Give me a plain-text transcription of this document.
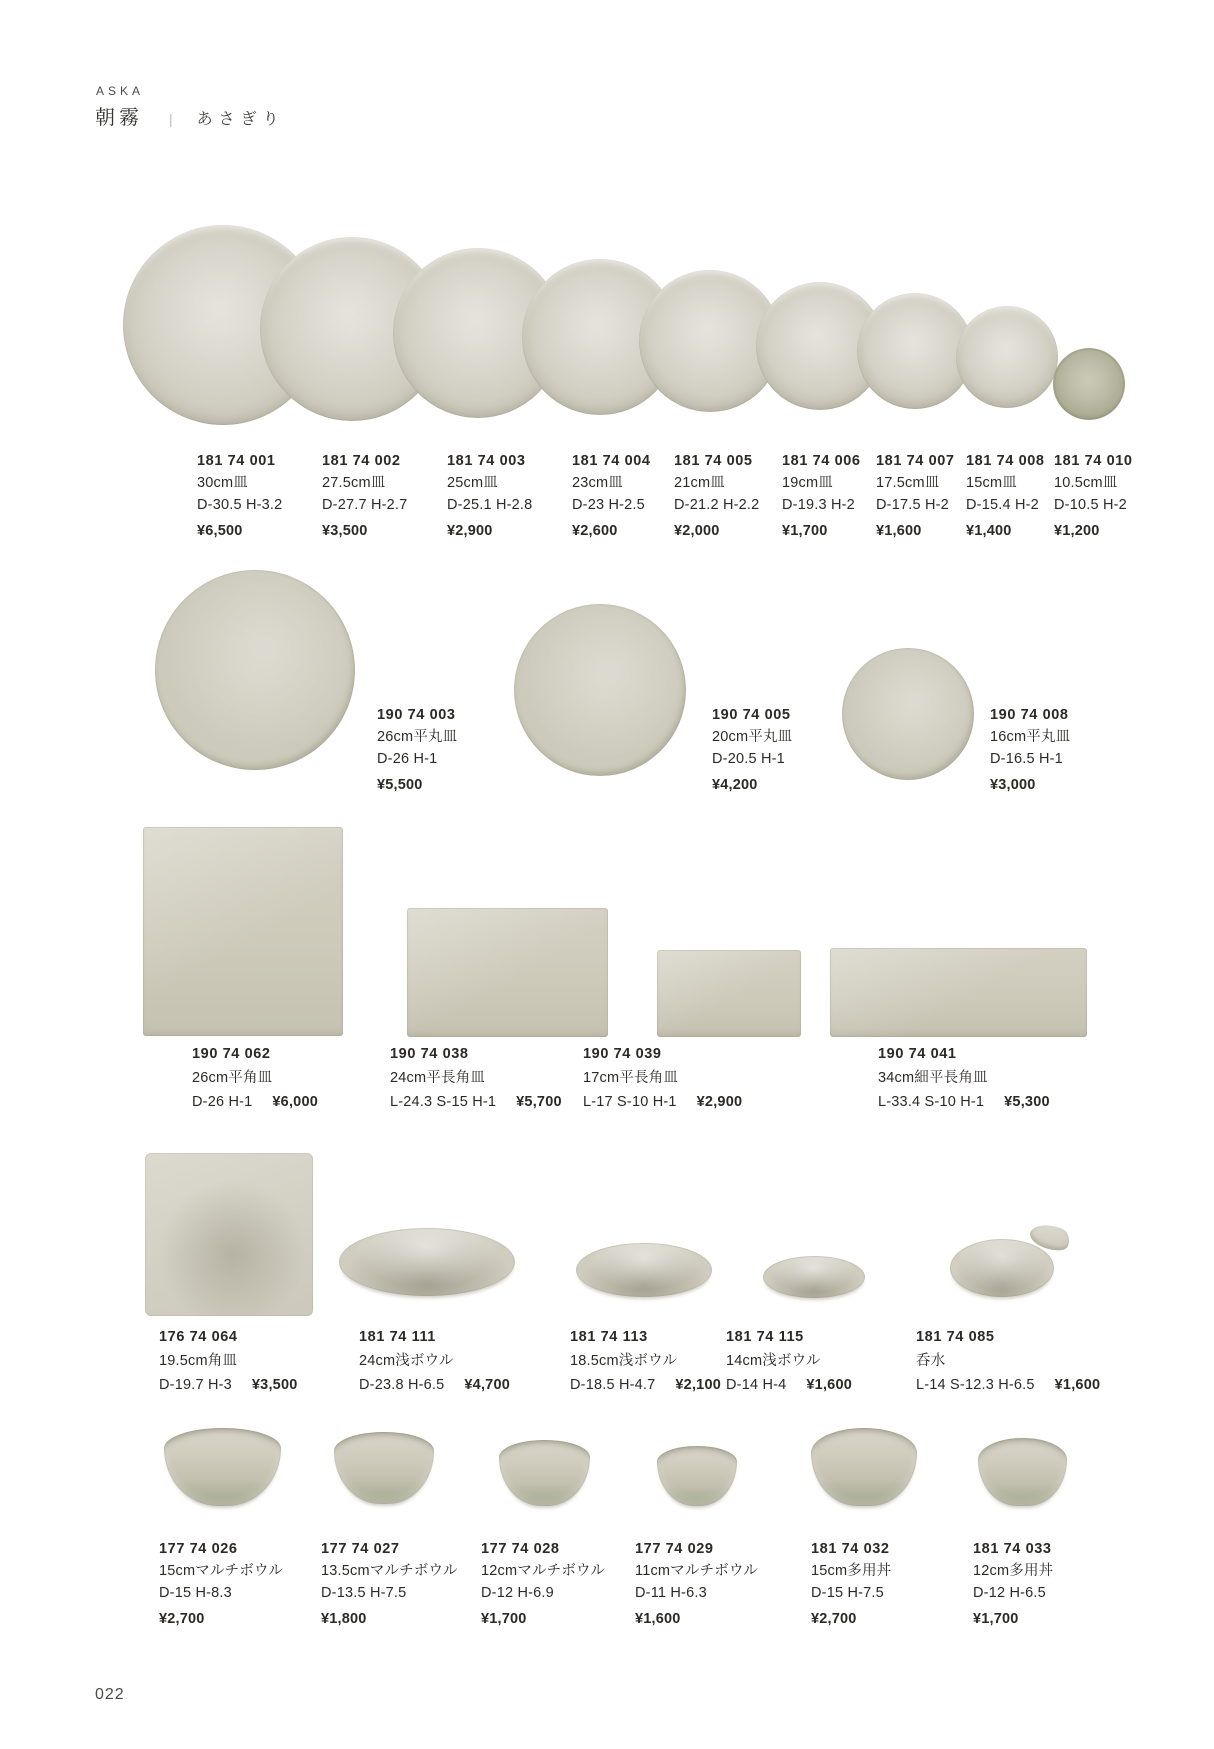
ASKA
朝霧 | あさぎり
181 74 001
30cm皿
D-30.5 H-3.2
¥6,500
181 74 002
27.5cm皿
D-27.7 H-2.7
¥3,500
181 74 003
25cm皿
D-25.1 H-2.8
¥2,900
181 74 004
23cm皿
D-23 H-2.5
¥2,600
181 74 005
21cm皿
D-21.2 H-2.2
¥2,000
181 74 006
19cm皿
D-19.3 H-2
¥1,700
181 74 007
17.5cm皿
D-17.5 H-2
¥1,600
181 74 008
15cm皿
D-15.4 H-2
¥1,400
181 74 010
10.5cm皿
D-10.5 H-2
¥1,200
190 74 003
26cm平丸皿
D-26 H-1
¥5,500
190 74 005
20cm平丸皿
D-20.5 H-1
¥4,200
190 74 008
16cm平丸皿
D-16.5 H-1
¥3,000
190 74 062
26cm平角皿
D-26 H-1 ¥6,000
190 74 038
24cm平長角皿
L-24.3 S-15 H-1 ¥5,700
190 74 039
17cm平長角皿
L-17 S-10 H-1 ¥2,900
190 74 041
34cm細平長角皿
L-33.4 S-10 H-1 ¥5,300
176 74 064
19.5cm角皿
D-19.7 H-3 ¥3,500
181 74 111
24cm浅ボウル
D-23.8 H-6.5 ¥4,700
181 74 113
18.5cm浅ボウル
D-18.5 H-4.7 ¥2,100
181 74 115
14cm浅ボウル
D-14 H-4 ¥1,600
181 74 085
呑水
L-14 S-12.3 H-6.5 ¥1,600
177 74 026
15cmマルチボウル
D-15 H-8.3
¥2,700
177 74 027
13.5cmマルチボウル
D-13.5 H-7.5
¥1,800
177 74 028
12cmマルチボウル
D-12 H-6.9
¥1,700
177 74 029
11cmマルチボウル
D-11 H-6.3
¥1,600
181 74 032
15cm多用丼
D-15 H-7.5
¥2,700
181 74 033
12cm多用丼
D-12 H-6.5
¥1,700
022
